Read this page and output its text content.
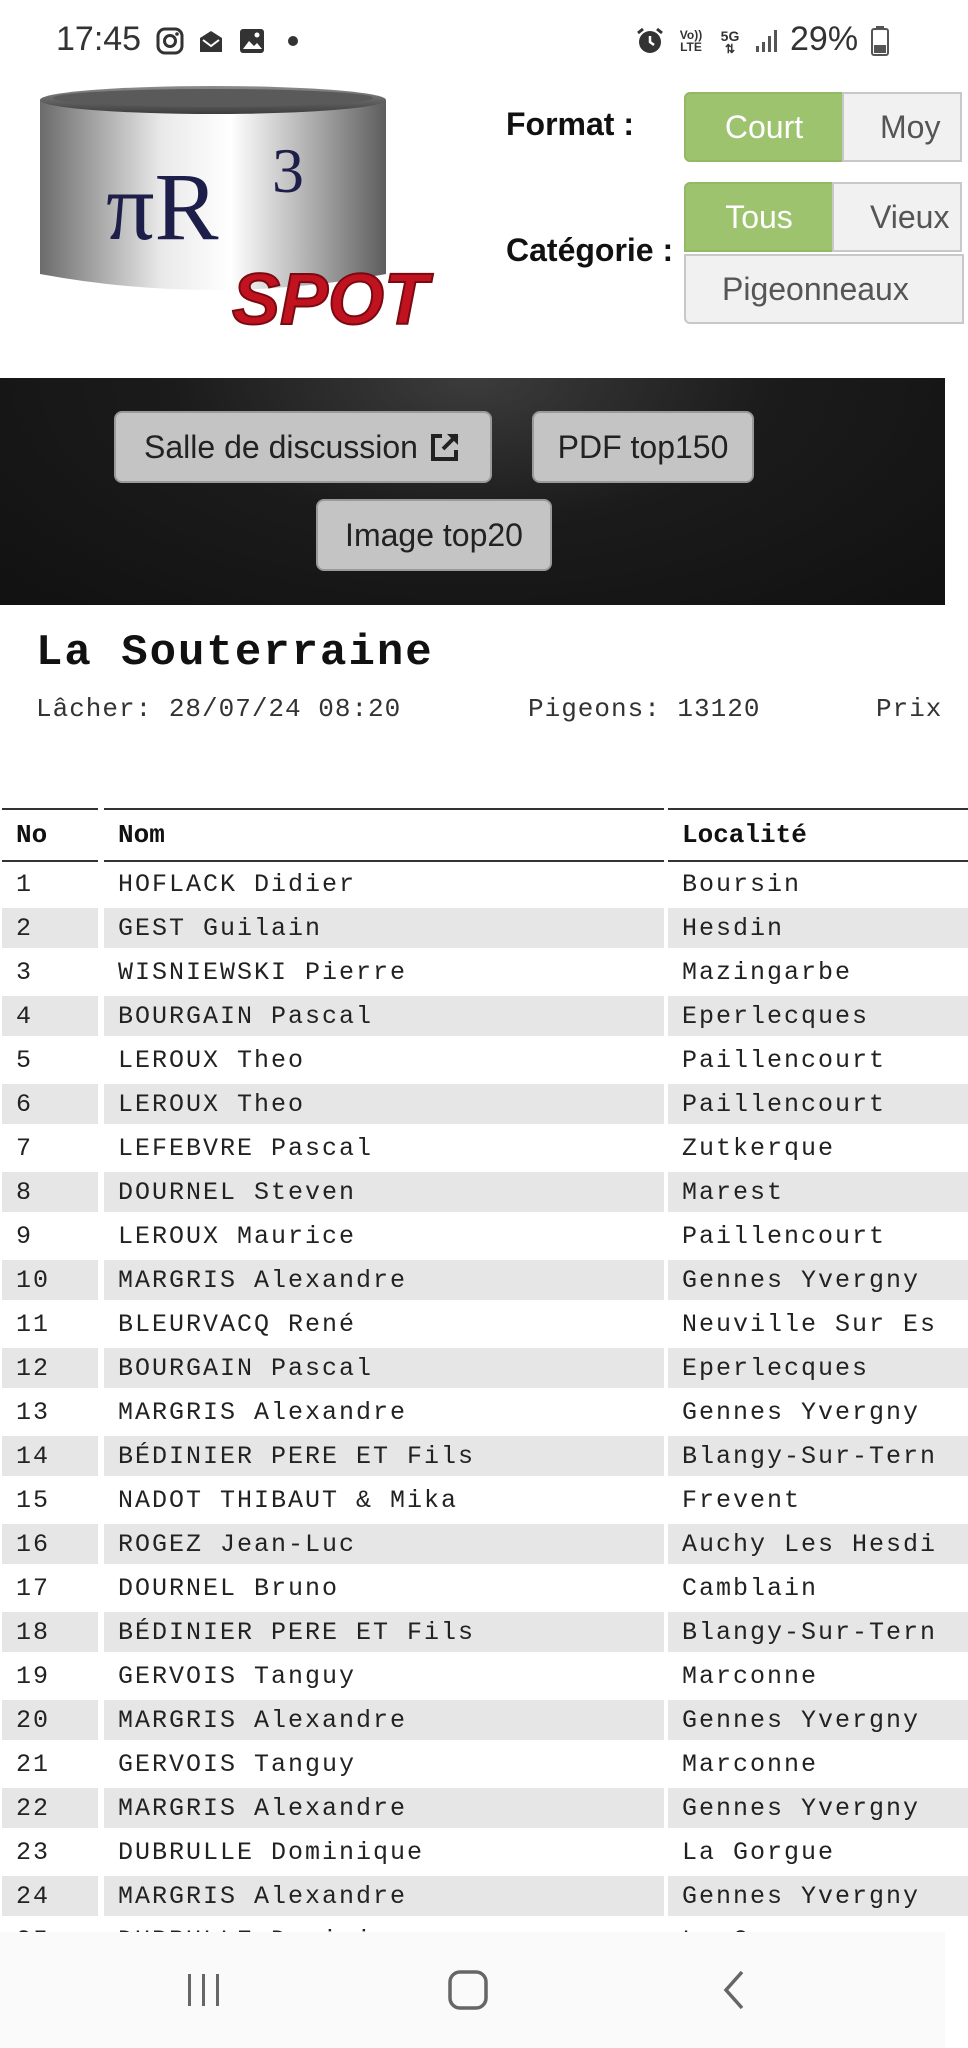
17:45	Vo))
LTE
5G
⇅ 29%
πR 3
SPOT
Format :	Court	Moy
Catégorie :
Tous	Vieux
Pigeonneaux
Salle de discussion	PDF top150
Image top20
La Souterraine
Lâcher: 28/07/24 08:20	Pigeons: 13120	Prix
No	Nom	Localité
1	HOFLACK Didier	Boursin
2	GEST Guilain	Hesdin
3	WISNIEWSKI Pierre	Mazingarbe
4	BOURGAIN Pascal	Eperlecques
5	LEROUX Theo	Paillencourt
6	LEROUX Theo	Paillencourt
7	LEFEBVRE Pascal	Zutkerque
8	DOURNEL Steven	Marest
9	LEROUX Maurice	Paillencourt
10	MARGRIS Alexandre	Gennes Yvergny
11	BLEURVACQ René	Neuville Sur Es
12	BOURGAIN Pascal	Eperlecques
13	MARGRIS Alexandre	Gennes Yvergny
14	BÉDINIER PERE ET Fils	Blangy-Sur-Tern
15	NADOT THIBAUT & Mika	Frevent
16	ROGEZ Jean-Luc	Auchy Les Hesdi
17	DOURNEL Bruno	Camblain
18	BÉDINIER PERE ET Fils	Blangy-Sur-Tern
19	GERVOIS Tanguy	Marconne
20	MARGRIS Alexandre	Gennes Yvergny
21	GERVOIS Tanguy	Marconne
22	MARGRIS Alexandre	Gennes Yvergny
23	DUBRULLE Dominique	La Gorgue
24	MARGRIS Alexandre	Gennes Yvergny
